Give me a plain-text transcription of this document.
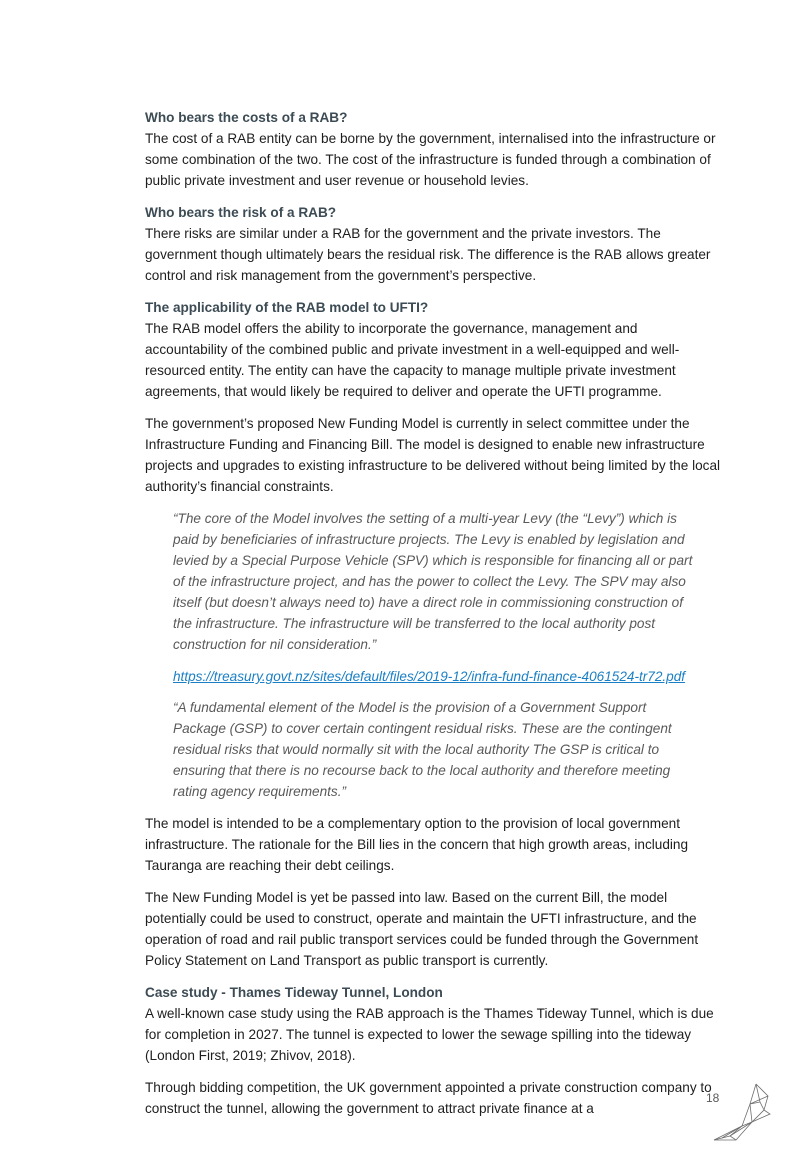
Who bears the costs of a RAB?

The cost of a RAB entity can be borne by the government, internalised into the infrastructure or some combination of the two. The cost of the infrastructure is funded through a combination of public private investment and user revenue or household levies.

Who bears the risk of a RAB?

There risks are similar under a RAB for the government and the private investors. The government though ultimately bears the residual risk. The difference is the RAB allows greater control and risk management from the government’s perspective.

The applicability of the RAB model to UFTI?

The RAB model offers the ability to incorporate the governance, management and accountability of the combined public and private investment in a well-equipped and well-resourced entity. The entity can have the capacity to manage multiple private investment agreements, that would likely be required to deliver and operate the UFTI programme.

The government’s proposed New Funding Model is currently in select committee under the Infrastructure Funding and Financing Bill. The model is designed to enable new infrastructure projects and upgrades to existing infrastructure to be delivered without being limited by the local authority’s financial constraints.

“The core of the Model involves the setting of a multi-year Levy (the “Levy”) which is paid by beneficiaries of infrastructure projects. The Levy is enabled by legislation and levied by a Special Purpose Vehicle (SPV) which is responsible for financing all or part of the infrastructure project, and has the power to collect the Levy. The SPV may also itself (but doesn’t always need to) have a direct role in commissioning construction of the infrastructure. The infrastructure will be transferred to the local authority post construction for nil consideration.”

https://treasury.govt.nz/sites/default/files/2019-12/infra-fund-finance-4061524-tr72.pdf

“A fundamental element of the Model is the provision of a Government Support Package (GSP) to cover certain contingent residual risks. These are the contingent residual risks that would normally sit with the local authority The GSP is critical to ensuring that there is no recourse back to the local authority and therefore meeting rating agency requirements.”

The model is intended to be a complementary option to the provision of local government infrastructure. The rationale for the Bill lies in the concern that high growth areas, including Tauranga are reaching their debt ceilings.

The New Funding Model is yet be passed into law. Based on the current Bill, the model potentially could be used to construct, operate and maintain the UFTI infrastructure, and the operation of road and rail public transport services could be funded through the Government Policy Statement on Land Transport as public transport is currently.

Case study - Thames Tideway Tunnel, London

A well-known case study using the RAB approach is the Thames Tideway Tunnel, which is due for completion in 2027. The tunnel is expected to lower the sewage spilling into the tideway (London First, 2019; Zhivov, 2018).

Through bidding competition, the UK government appointed a private construction company to construct the tunnel, allowing the government to attract private finance at a

18
